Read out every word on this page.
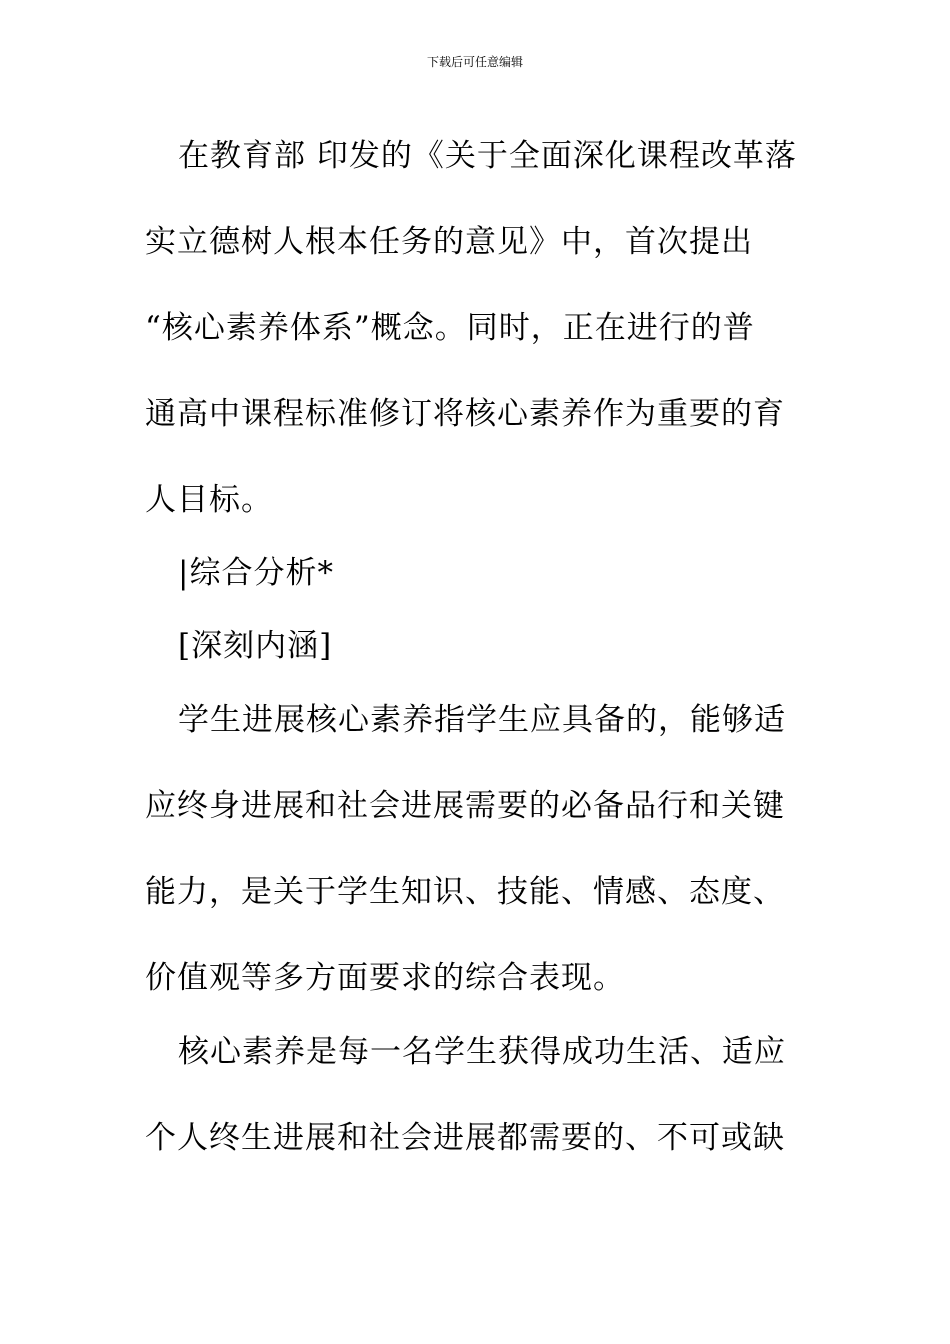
下载后可任意编辑
在教育部 印发的《关于全面深化课程改革落
实立德树人根本任务的意见》中，首次提出
“核心素养体系”概念。同时，正在进行的普
通高中课程标准修订将核心素养作为重要的育
人目标。
|综合分析*
[深刻内涵]
学生进展核心素养指学生应具备的，能够适
应终身进展和社会进展需要的必备品行和关键
能力，是关于学生知识、技能、情感、态度、
价值观等多方面要求的综合表现。
核心素养是每一名学生获得成功生活、适应
个人终生进展和社会进展都需要的、不可或缺
